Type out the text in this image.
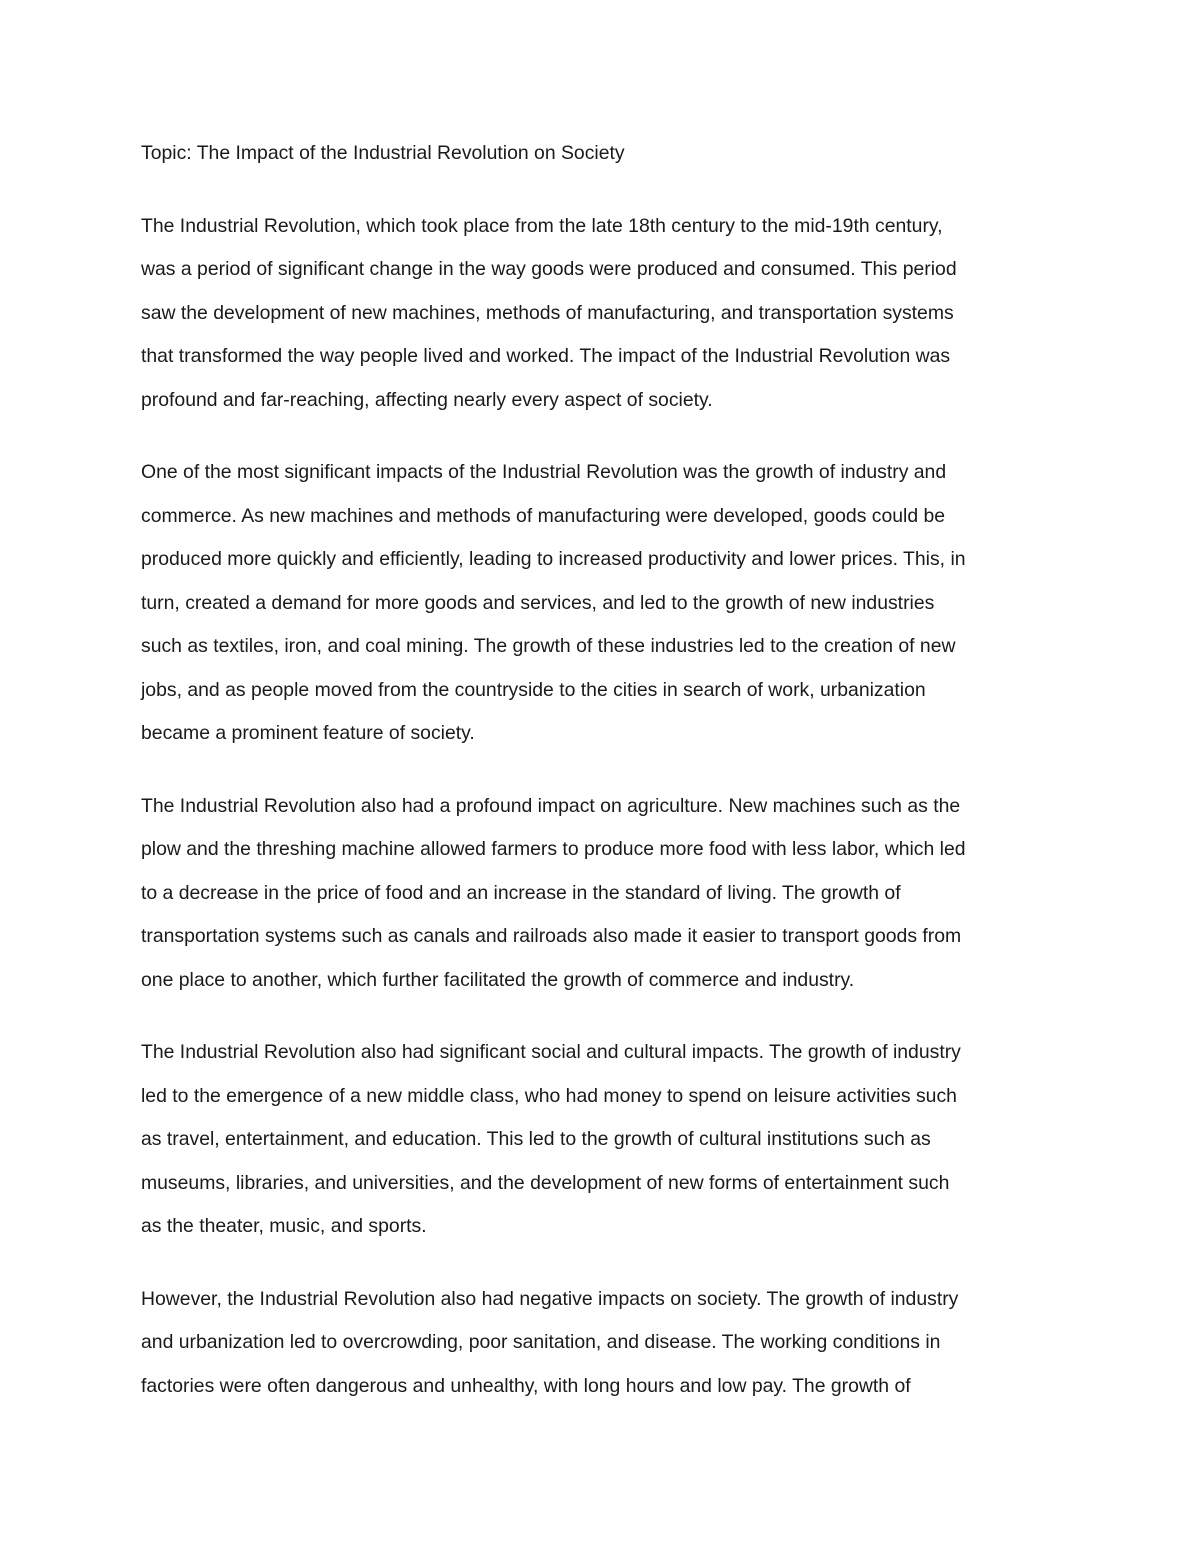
Topic: The Impact of the Industrial Revolution on Society

The Industrial Revolution, which took place from the late 18th century to the mid-19th century,
was a period of significant change in the way goods were produced and consumed. This period
saw the development of new machines, methods of manufacturing, and transportation systems
that transformed the way people lived and worked. The impact of the Industrial Revolution was
profound and far-reaching, affecting nearly every aspect of society.

One of the most significant impacts of the Industrial Revolution was the growth of industry and
commerce. As new machines and methods of manufacturing were developed, goods could be
produced more quickly and efficiently, leading to increased productivity and lower prices. This, in
turn, created a demand for more goods and services, and led to the growth of new industries
such as textiles, iron, and coal mining. The growth of these industries led to the creation of new
jobs, and as people moved from the countryside to the cities in search of work, urbanization
became a prominent feature of society.

The Industrial Revolution also had a profound impact on agriculture. New machines such as the
plow and the threshing machine allowed farmers to produce more food with less labor, which led
to a decrease in the price of food and an increase in the standard of living. The growth of
transportation systems such as canals and railroads also made it easier to transport goods from
one place to another, which further facilitated the growth of commerce and industry.

The Industrial Revolution also had significant social and cultural impacts. The growth of industry
led to the emergence of a new middle class, who had money to spend on leisure activities such
as travel, entertainment, and education. This led to the growth of cultural institutions such as
museums, libraries, and universities, and the development of new forms of entertainment such
as the theater, music, and sports.

However, the Industrial Revolution also had negative impacts on society. The growth of industry
and urbanization led to overcrowding, poor sanitation, and disease. The working conditions in
factories were often dangerous and unhealthy, with long hours and low pay. The growth of
